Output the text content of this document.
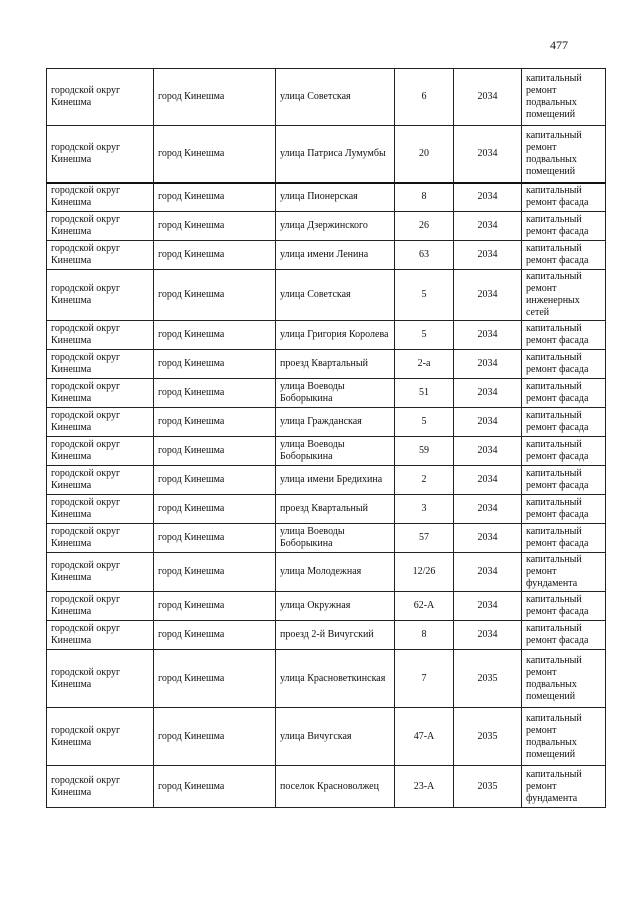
477
городской округ Кинешма	город Кинешма	улица Советская	6	2034	капитальный ремонт подвальных помещений
городской округ Кинешма	город Кинешма	улица Патриса Лумумбы	20	2034	капитальный ремонт подвальных помещений
городской округ Кинешма	город Кинешма	улица Пионерская	8	2034	капитальный ремонт фасада
городской округ Кинешма	город Кинешма	улица Дзержинского	26	2034	капитальный ремонт фасада
городской округ Кинешма	город Кинешма	улица имени Ленина	63	2034	капитальный ремонт фасада
городской округ Кинешма	город Кинешма	улица Советская	5	2034	капитальный ремонт инженерных сетей
городской округ Кинешма	город Кинешма	улица Григория Королева	5	2034	капитальный ремонт фасада
городской округ Кинешма	город Кинешма	проезд Квартальный	2-а	2034	капитальный ремонт фасада
городской округ Кинешма	город Кинешма	улица Воеводы Боборыкина	51	2034	капитальный ремонт фасада
городской округ Кинешма	город Кинешма	улица Гражданская	5	2034	капитальный ремонт фасада
городской округ Кинешма	город Кинешма	улица Воеводы Боборыкина	59	2034	капитальный ремонт фасада
городской округ Кинешма	город Кинешма	улица имени Бредихина	2	2034	капитальный ремонт фасада
городской округ Кинешма	город Кинешма	проезд Квартальный	3	2034	капитальный ремонт фасада
городской округ Кинешма	город Кинешма	улица Воеводы Боборыкина	57	2034	капитальный ремонт фасада
городской округ Кинешма	город Кинешма	улица Молодежная	12/26	2034	капитальный ремонт фундамента
городской округ Кинешма	город Кинешма	улица Окружная	62-А	2034	капитальный ремонт фасада
городской округ Кинешма	город Кинешма	проезд 2-й Вичугский	8	2034	капитальный ремонт фасада
городской округ Кинешма	город Кинешма	улица Красноветкинская	7	2035	капитальный ремонт подвальных помещений
городской округ Кинешма	город Кинешма	улица Вичугская	47-А	2035	капитальный ремонт подвальных помещений
городской округ Кинешма	город Кинешма	поселок Красноволжец	23-А	2035	капитальный ремонт фундамента
